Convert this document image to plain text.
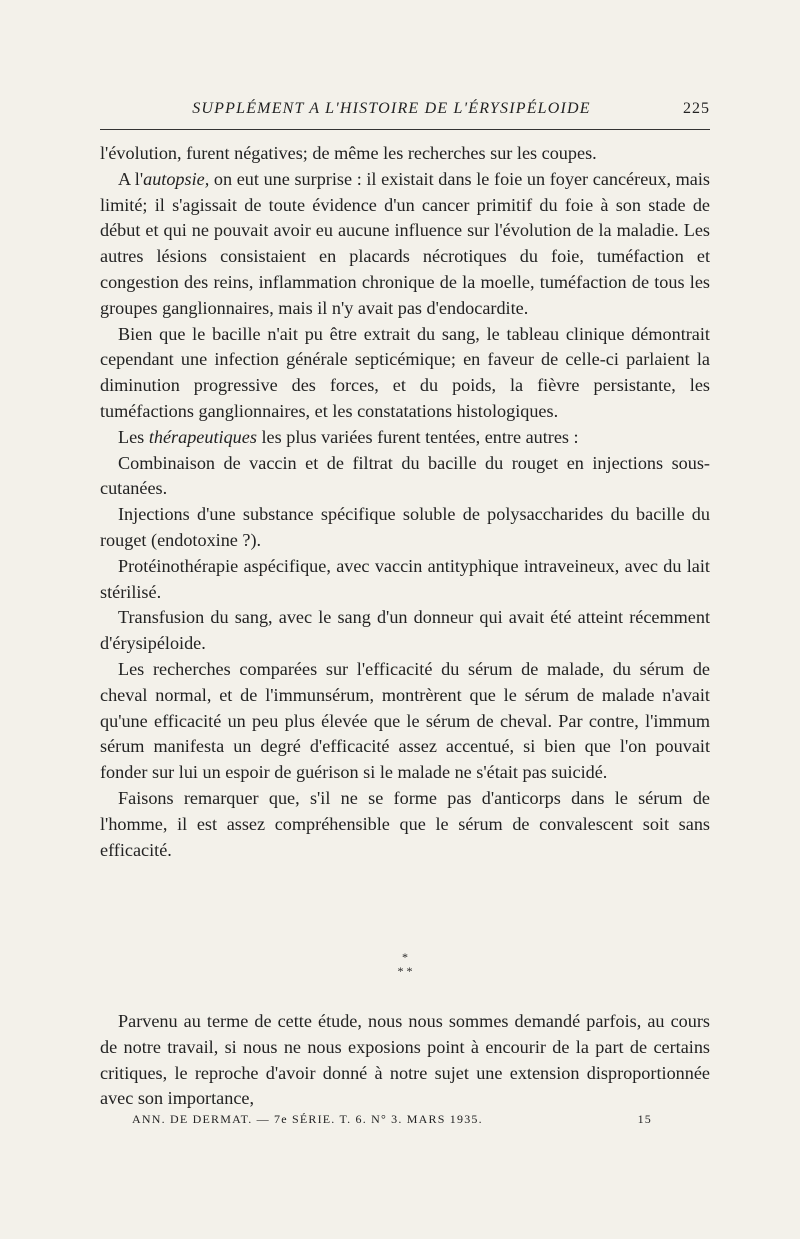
SUPPLÉMENT A L'HISTOIRE DE L'ÉRYSIPÉLOIDE	225

l'évolution, furent négatives; de même les recherches sur les coupes.

A l'autopsie, on eut une surprise : il existait dans le foie un foyer cancéreux, mais limité; il s'agissait de toute évidence d'un cancer primitif du foie à son stade de début et qui ne pouvait avoir eu aucune influence sur l'évolution de la maladie. Les autres lésions consistaient en placards nécrotiques du foie, tuméfaction et congestion des reins, inflammation chronique de la moelle, tuméfaction de tous les groupes ganglionnaires, mais il n'y avait pas d'endocardite.

Bien que le bacille n'ait pu être extrait du sang, le tableau clinique démontrait cependant une infection générale septicémique; en faveur de celle-ci parlaient la diminution progressive des forces, et du poids, la fièvre persistante, les tuméfactions ganglionnaires, et les constatations histologiques.

Les thérapeutiques les plus variées furent tentées, entre autres :

Combinaison de vaccin et de filtrat du bacille du rouget en injections sous-cutanées.

Injections d'une substance spécifique soluble de polysaccharides du bacille du rouget (endotoxine ?).

Protéinothérapie aspécifique, avec vaccin antityphique intraveineux, avec du lait stérilisé.

Transfusion du sang, avec le sang d'un donneur qui avait été atteint récemment d'érysipéloide.

Les recherches comparées sur l'efficacité du sérum de malade, du sérum de cheval normal, et de l'immunsérum, montrèrent que le sérum de malade n'avait qu'une efficacité un peu plus élevée que le sérum de cheval. Par contre, l'immum sérum manifesta un degré d'efficacité assez accentué, si bien que l'on pouvait fonder sur lui un espoir de guérison si le malade ne s'était pas suicidé.

Faisons remarquer que, s'il ne se forme pas d'anticorps dans le sérum de l'homme, il est assez compréhensible que le sérum de convalescent soit sans efficacité.

*
* *

Parvenu au terme de cette étude, nous nous sommes demandé parfois, au cours de notre travail, si nous ne nous exposions point à encourir de la part de certains critiques, le reproche d'avoir donné à notre sujet une extension disproportionnée avec son importance,

ANN. DE DERMAT. — 7e SÉRIE. T. 6. N° 3. MARS 1935.	15
